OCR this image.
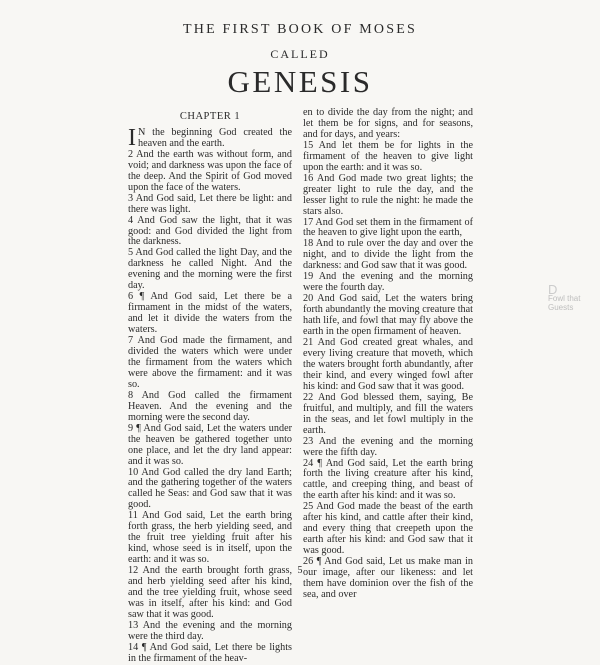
THE FIRST BOOK OF MOSES
CALLED
GENESIS
CHAPTER 1
I N the beginning God created the heaven and the earth.

2 And the earth was without form, and void; and darkness was upon the face of the deep. And the Spirit of God moved upon the face of the waters.

3 And God said, Let there be light: and there was light.

4 And God saw the light, that it was good: and God divided the light from the darkness.

5 And God called the light Day, and the darkness he called Night. And the evening and the morning were the first day.

6 ¶ And God said, Let there be a firmament in the midst of the waters, and let it divide the waters from the waters.

7 And God made the firmament, and divided the waters which were under the firmament from the waters which were above the firmament: and it was so.

8 And God called the firmament Heaven. And the evening and the morning were the second day.

9 ¶ And God said, Let the waters under the heaven be gathered together unto one place, and let the dry land appear: and it was so.

10 And God called the dry land Earth; and the gathering together of the waters called he Seas: and God saw that it was good.

11 And God said, Let the earth bring forth grass, the herb yielding seed, and the fruit tree yielding fruit after his kind, whose seed is in itself, upon the earth: and it was so.

12 And the earth brought forth grass, and herb yielding seed after his kind, and the tree yielding fruit, whose seed was in itself, after his kind: and God saw that it was good.

13 And the evening and the morning were the third day.

14 ¶ And God said, Let there be lights in the firmament of the heav-

en to divide the day from the night; and let them be for signs, and for seasons, and for days, and years:

15 And let them be for lights in the firmament of the heaven to give light upon the earth: and it was so.

16 And God made two great lights; the greater light to rule the day, and the lesser light to rule the night: he made the stars also.

17 And God set them in the firmament of the heaven to give light upon the earth,

18 And to rule over the day and over the night, and to divide the light from the darkness: and God saw that it was good.

19 And the evening and the morning were the fourth day.

20 And God said, Let the waters bring forth abundantly the moving creature that hath life, and fowl that may fly above the earth in the open firmament of heaven.

21 And God created great whales, and every living creature that moveth, which the waters brought forth abundantly, after their kind, and every winged fowl after his kind: and God saw that it was good.

22 And God blessed them, saying, Be fruitful, and multiply, and fill the waters in the seas, and let fowl multiply in the earth.

23 And the evening and the morning were the fifth day.

24 ¶ And God said, Let the earth bring forth the living creature after his kind, cattle, and creeping thing, and beast of the earth after his kind: and it was so.

25 And God made the beast of the earth after his kind, and cattle after their kind, and every thing that creepeth upon the earth after his kind: and God saw that it was good.

26 ¶ And God said, Let us make man in our image, after our likeness: and let them have dominion over the fish of the sea, and over

5
D
Fowl that
Guests
